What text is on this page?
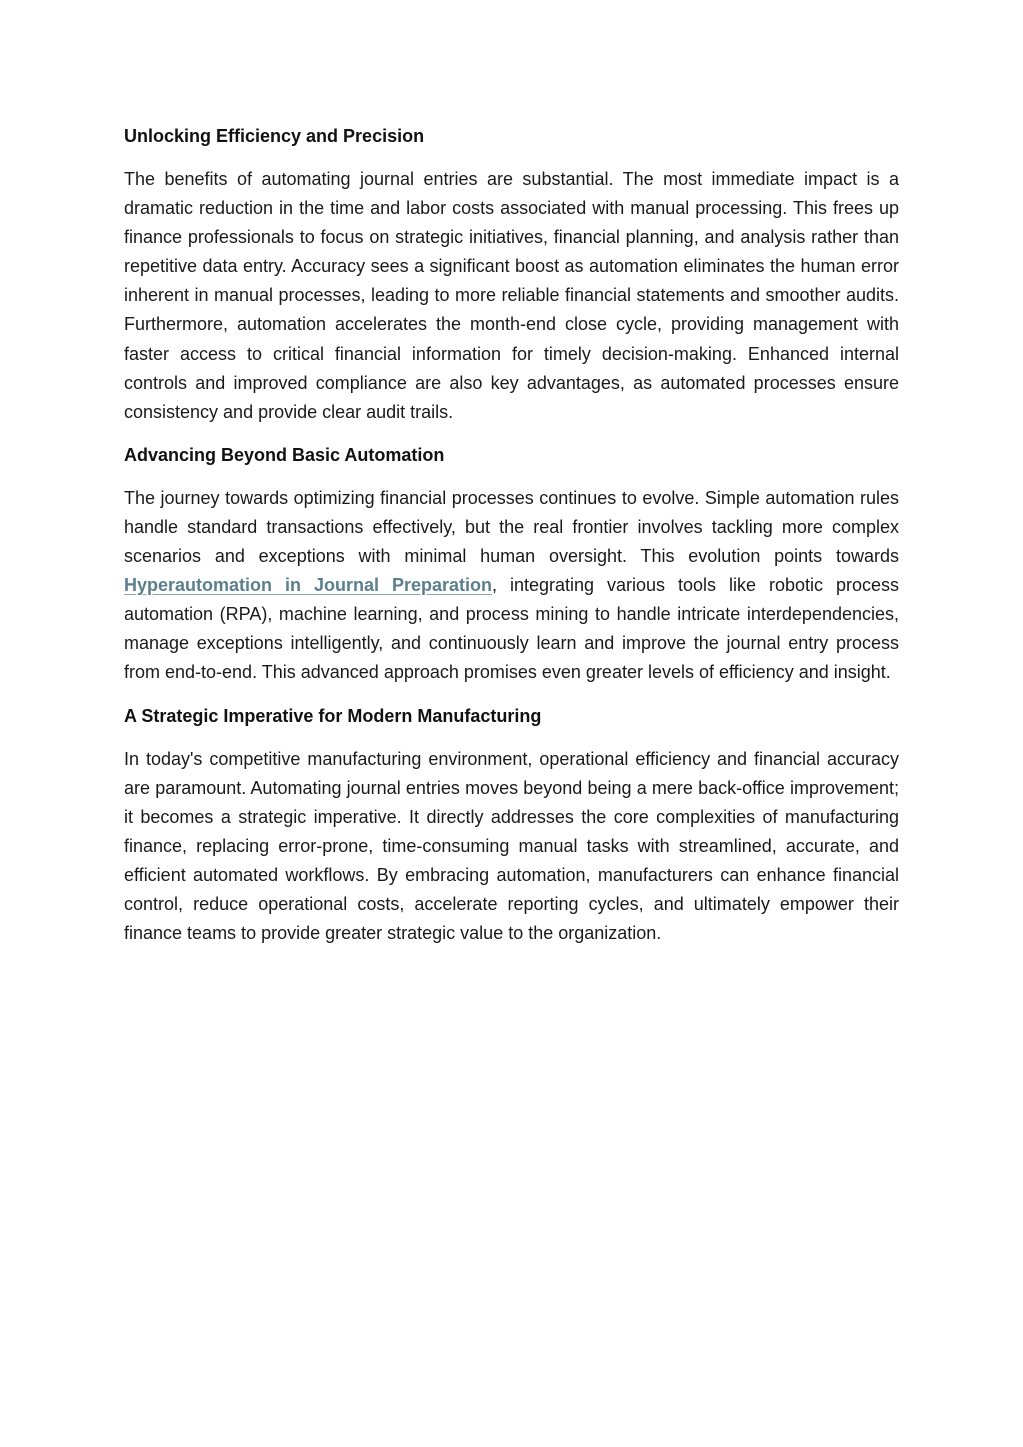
Unlocking Efficiency and Precision

The benefits of automating journal entries are substantial. The most immediate impact is a dramatic reduction in the time and labor costs associated with manual processing. This frees up finance professionals to focus on strategic initiatives, financial planning, and analysis rather than repetitive data entry. Accuracy sees a significant boost as automation eliminates the human error inherent in manual processes, leading to more reliable financial statements and smoother audits. Furthermore, automation accelerates the month-end close cycle, providing management with faster access to critical financial information for timely decision-making. Enhanced internal controls and improved compliance are also key advantages, as automated processes ensure consistency and provide clear audit trails.

Advancing Beyond Basic Automation

The journey towards optimizing financial processes continues to evolve. Simple automation rules handle standard transactions effectively, but the real frontier involves tackling more complex scenarios and exceptions with minimal human oversight. This evolution points towards Hyperautomation in Journal Preparation, integrating various tools like robotic process automation (RPA), machine learning, and process mining to handle intricate interdependencies, manage exceptions intelligently, and continuously learn and improve the journal entry process from end-to-end. This advanced approach promises even greater levels of efficiency and insight.

A Strategic Imperative for Modern Manufacturing

In today's competitive manufacturing environment, operational efficiency and financial accuracy are paramount. Automating journal entries moves beyond being a mere back-office improvement; it becomes a strategic imperative. It directly addresses the core complexities of manufacturing finance, replacing error-prone, time-consuming manual tasks with streamlined, accurate, and efficient automated workflows. By embracing automation, manufacturers can enhance financial control, reduce operational costs, accelerate reporting cycles, and ultimately empower their finance teams to provide greater strategic value to the organization.
